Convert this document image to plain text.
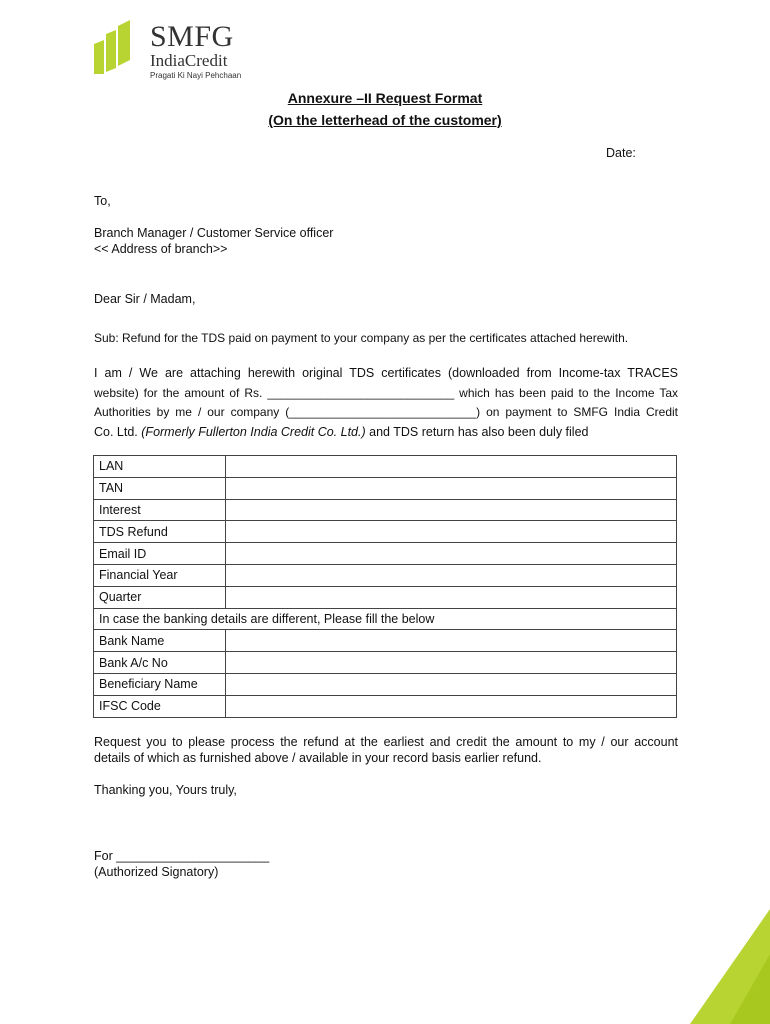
SMFG
IndiaCredit
Pragati Ki Nayi Pehchaan
Annexure –II Request Format
(On the letterhead of the customer)
Date:
To,
Branch Manager / Customer Service officer
<< Address of branch>>
Dear Sir / Madam,
Sub: Refund for the TDS paid on payment to your company as per the certificates attached herewith.
I am / We are attaching herewith original TDS certificates (downloaded from Income-tax TRACES
website) for the amount of Rs. ____________________________ which has been paid to the Income Tax
Authorities by me / our company (____________________________) on payment to SMFG India Credit
Co. Ltd. (Formerly Fullerton India Credit Co. Ltd.) and TDS return has also been duly filed
LAN	
TAN	
Interest	
TDS Refund	
Email ID	
Financial Year	
Quarter	
In case the banking details are different, Please fill the below	
Bank Name	
Bank A/c No	
Beneficiary Name	
IFSC Code	
Request you to please process the refund at the earliest and credit the amount to my / our account
details of which as furnished above / available in your record basis earlier refund.
Thanking you, Yours truly,
For ______________________
(Authorized Signatory)
